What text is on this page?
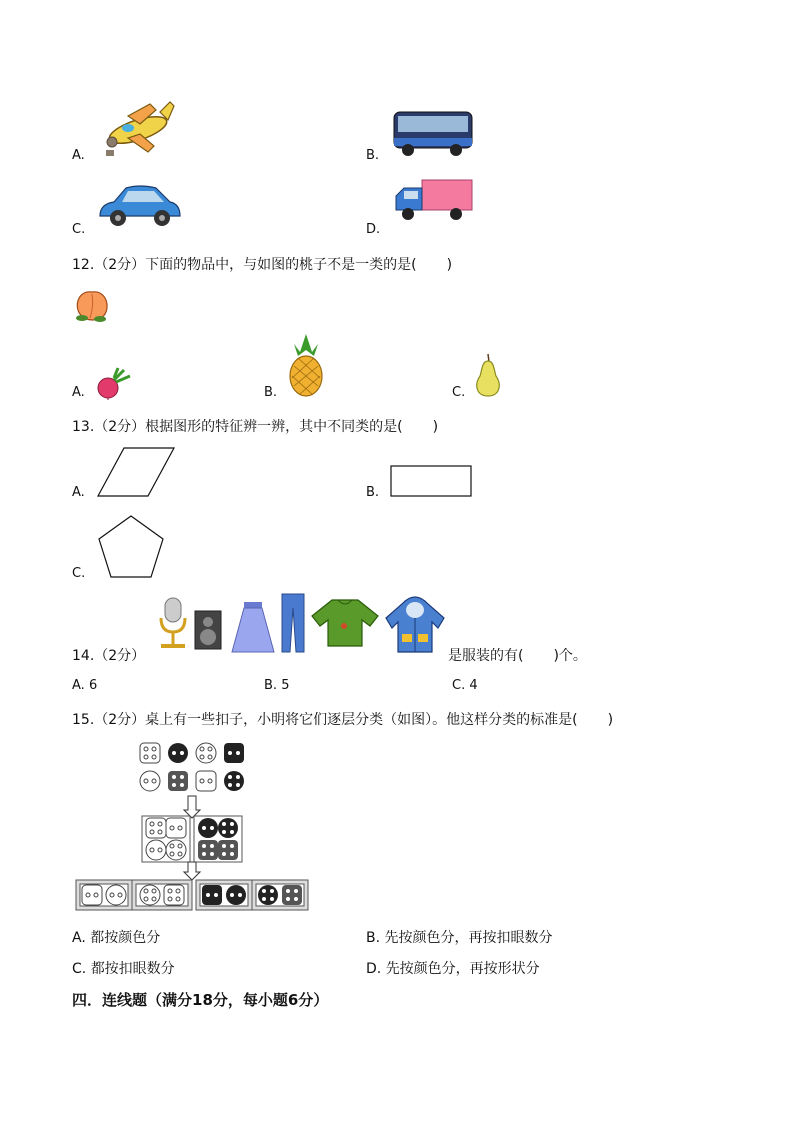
A.	B.
C.	D.
12.（2分）下面的物品中，与如图的桃子不是一类的是( )
A.	B.	C.
13.（2分）根据图形的特征辨一辨，其中不同类的是( )
A.	B.
C.
14.（2分）	是服装的有( )个。
A. 6	B. 5	C. 4
15.（2分）桌上有一些扣子，小明将它们逐层分类（如图）。他这样分类的标准是( )
A. 都按颜色分	B. 先按颜色分，再按扣眼数分
C. 都按扣眼数分	D. 先按颜色分，再按形状分
四．连线题（满分18分，每小题6分）
